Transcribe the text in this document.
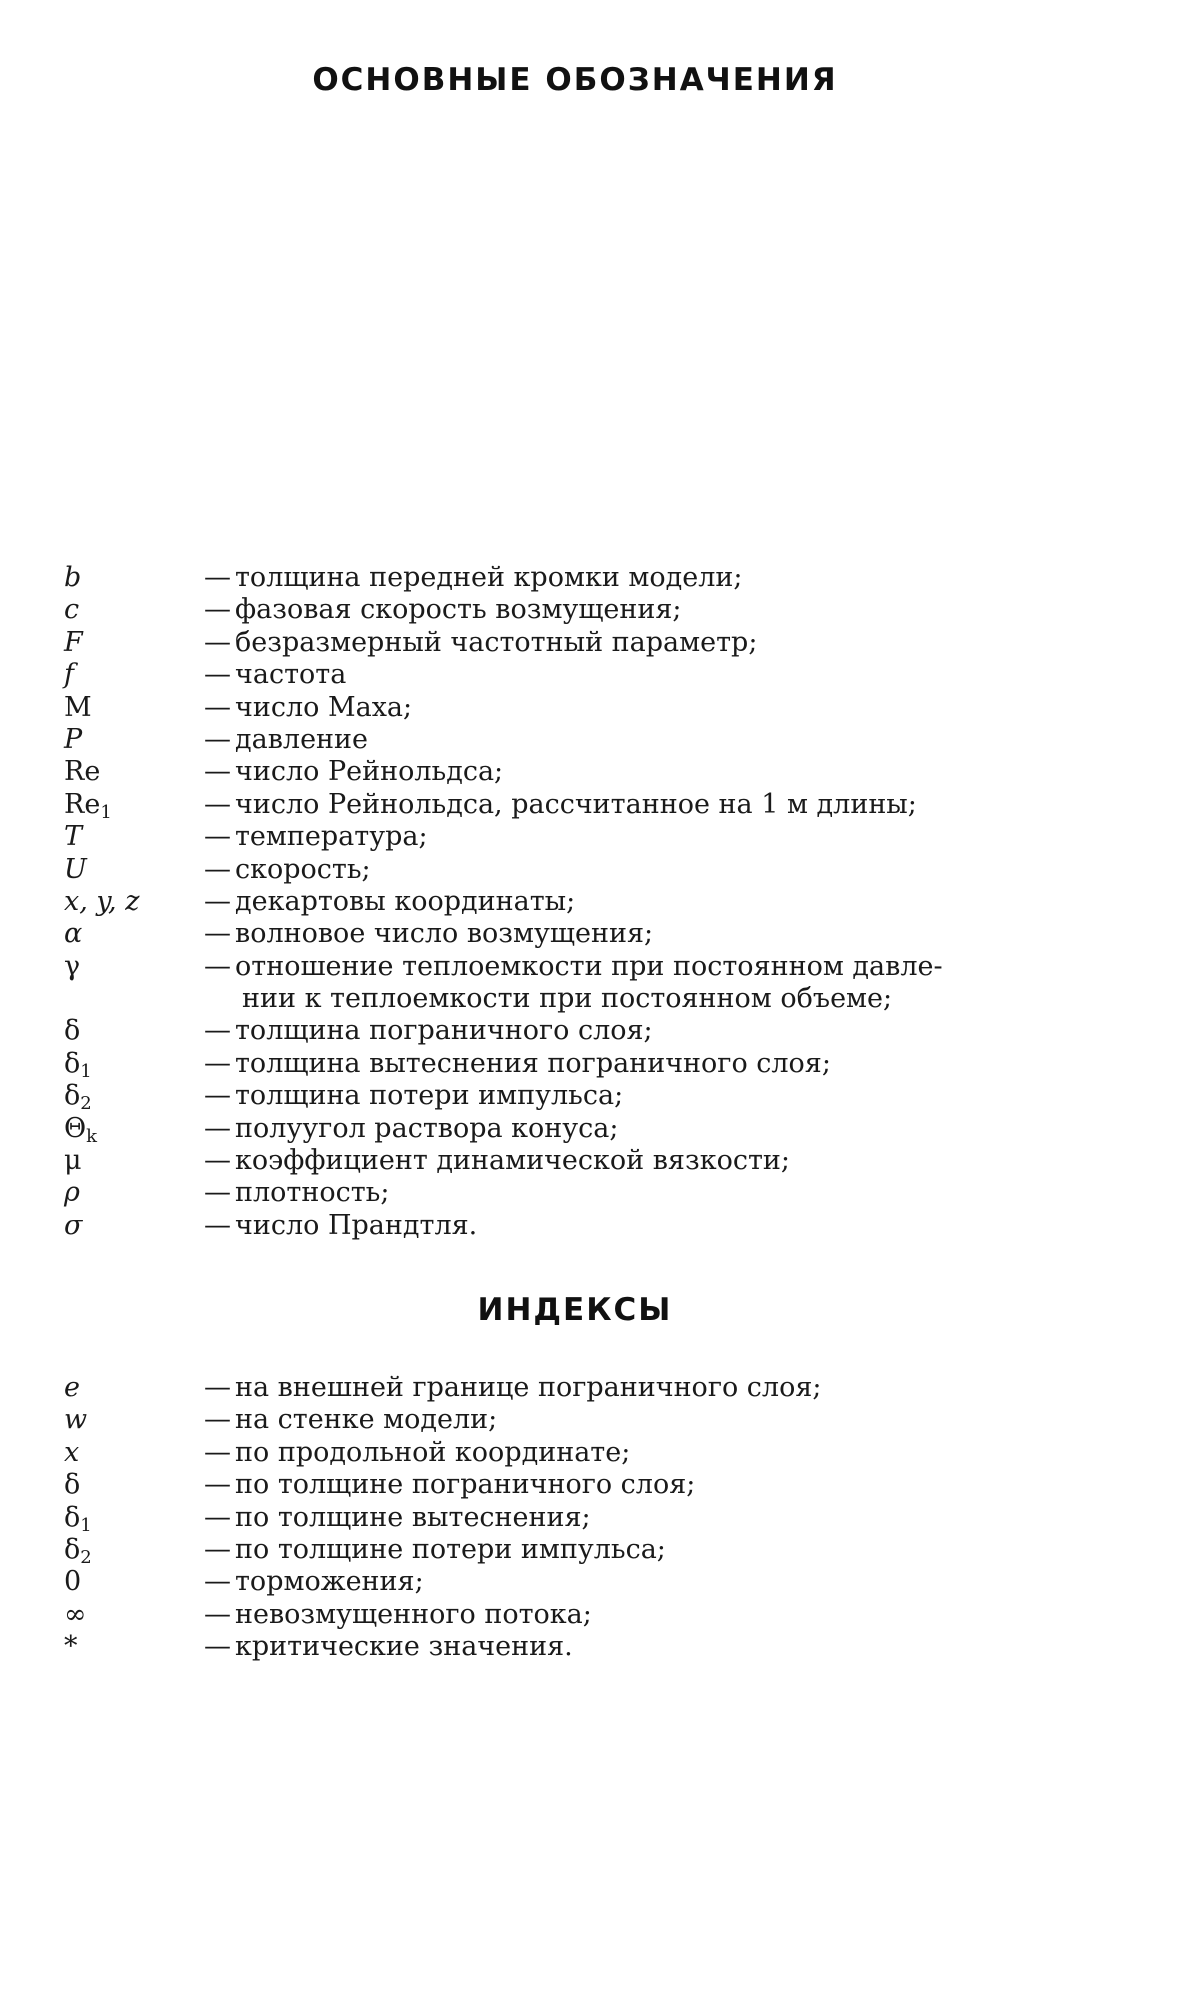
ОСНОВНЫЕ ОБОЗНАЧЕНИЯ
b	— толщина передней кромки модели;
c	— фазовая скорость возмущения;
F	— безразмерный частотный параметр;
f	— частота
M	— число Маха;
P	— давление
Re	— число Рейнольдса;
$Re_1$	— число Рейнольдса, рассчитанное на 1 м длины;
T	— температура;
U	— скорость;
x, y, z	— декартовы координаты;
α	— волновое число возмущения;
γ	— отношение теплоемкости при постоянном давле-
нии к теплоемкости при постоянном объеме;
δ	— толщина пограничного слоя;
$\delta_1$	— толщина вытеснения пограничного слоя;
$\delta_2$	— толщина потери импульса;
$\Theta_k$	— полуугол раствора конуса;
μ	— коэффициент динамической вязкости;
ρ	— плотность;
σ	— число Прандтля.
ИНДЕКСЫ
e	— на внешней границе пограничного слоя;
w	— на стенке модели;
x	— по продольной координате;
δ	— по толщине пограничного слоя;
$\delta_1$	— по толщине вытеснения;
$\delta_2$	— по толщине потери импульса;
0	— торможения;
∞	— невозмущенного потока;
*	— критические значения.
